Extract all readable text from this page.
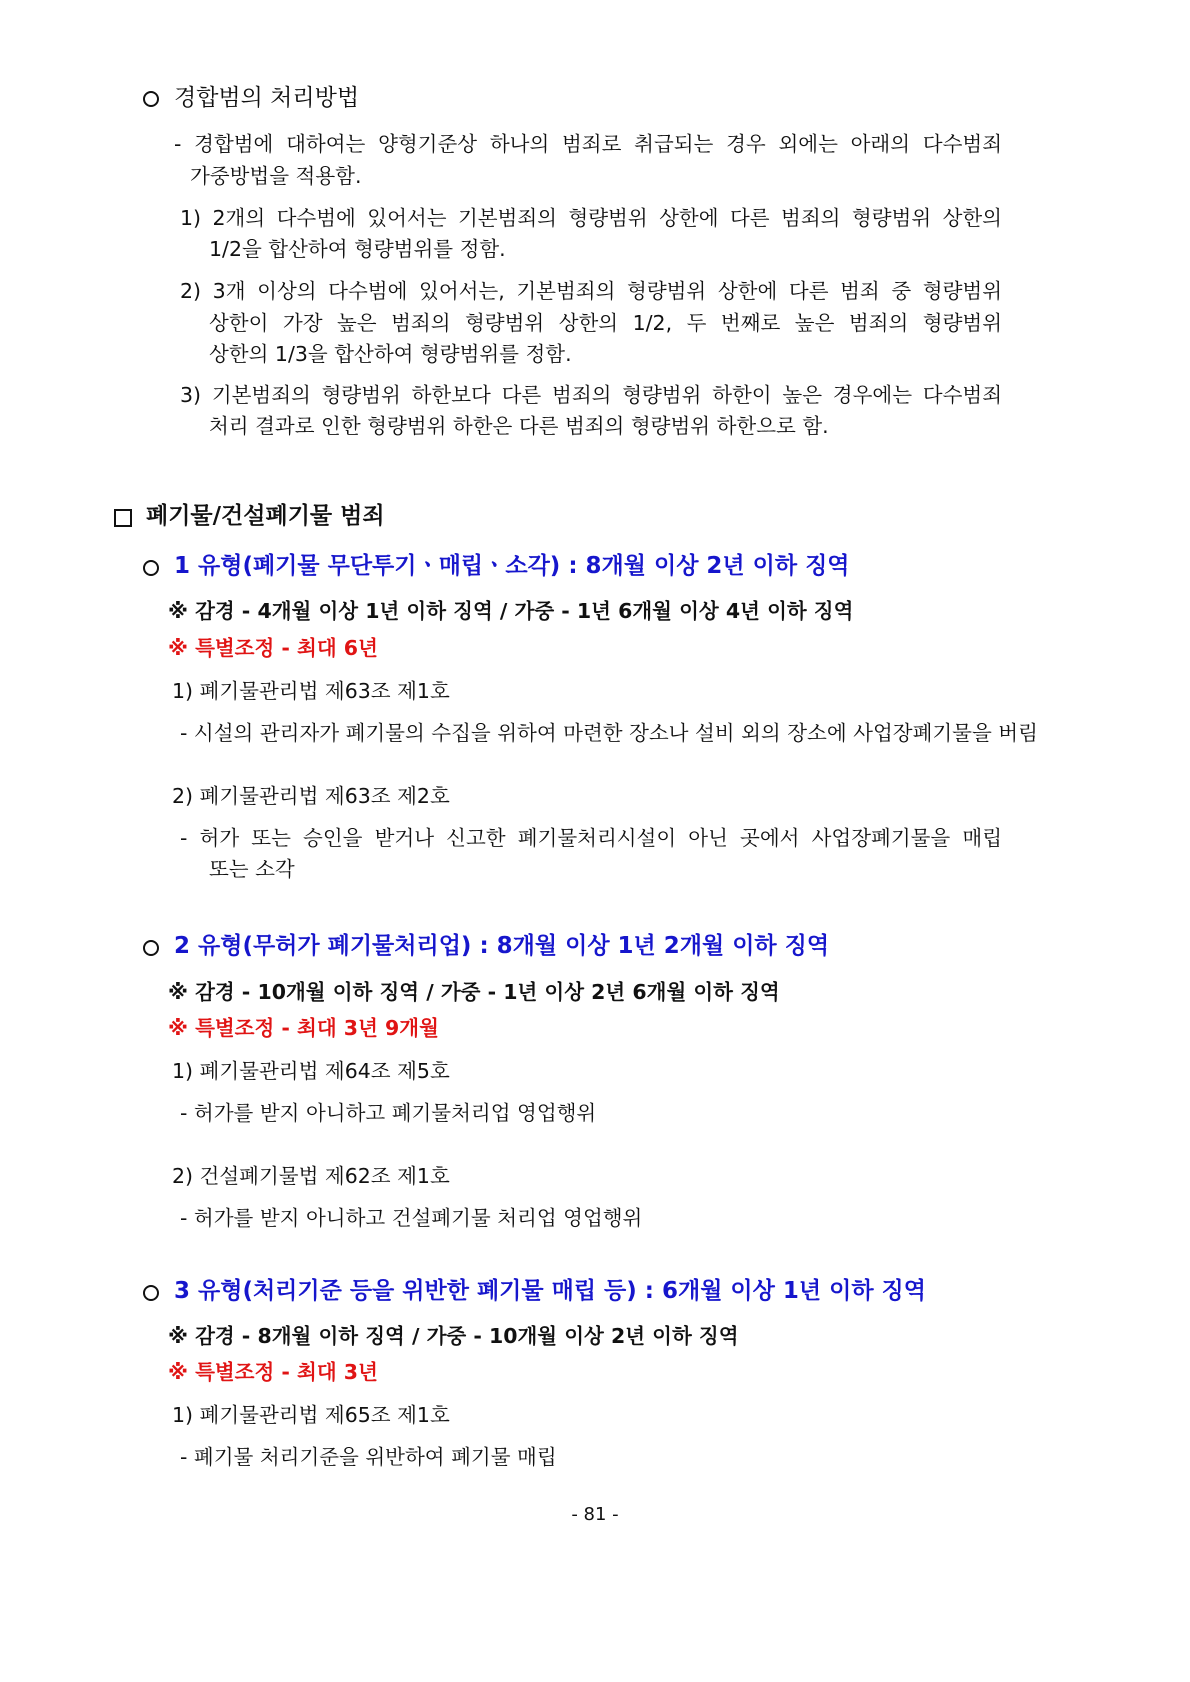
경합범의 처리방법
- 경합범에 대하여는 양형기준상 하나의 범죄로 취급되는 경우 외에는 아래의 다수범죄
가중방법을 적용함.
1) 2개의 다수범에 있어서는 기본범죄의 형량범위 상한에 다른 범죄의 형량범위 상한의
1/2을 합산하여 형량범위를 정함.
2) 3개 이상의 다수범에 있어서는, 기본범죄의 형량범위 상한에 다른 범죄 중 형량범위
상한이 가장 높은 범죄의 형량범위 상한의 1/2, 두 번째로 높은 범죄의 형량범위
상한의 1/3을 합산하여 형량범위를 정함.
3) 기본범죄의 형량범위 하한보다 다른 범죄의 형량범위 하한이 높은 경우에는 다수범죄
처리 결과로 인한 형량범위 하한은 다른 범죄의 형량범위 하한으로 함.
폐기물/건설폐기물 범죄
1 유형(폐기물 무단투기ㆍ매립ㆍ소각) : 8개월 이상 2년 이하 징역
※ 감경 - 4개월 이상 1년 이하 징역 / 가중 - 1년 6개월 이상 4년 이하 징역
※ 특별조정 - 최대 6년
1) 폐기물관리법 제63조 제1호
- 시설의 관리자가 폐기물의 수집을 위하여 마련한 장소나 설비 외의 장소에 사업장폐기물을 버림
2) 폐기물관리법 제63조 제2호
- 허가 또는 승인을 받거나 신고한 폐기물처리시설이 아닌 곳에서 사업장폐기물을 매립
또는 소각
2 유형(무허가 폐기물처리업) : 8개월 이상 1년 2개월 이하 징역
※ 감경 - 10개월 이하 징역 / 가중 - 1년 이상 2년 6개월 이하 징역
※ 특별조정 - 최대 3년 9개월
1) 폐기물관리법 제64조 제5호
- 허가를 받지 아니하고 폐기물처리업 영업행위
2) 건설폐기물법 제62조 제1호
- 허가를 받지 아니하고 건설폐기물 처리업 영업행위
3 유형(처리기준 등을 위반한 폐기물 매립 등) : 6개월 이상 1년 이하 징역
※ 감경 - 8개월 이하 징역 / 가중 - 10개월 이상 2년 이하 징역
※ 특별조정 - 최대 3년
1) 폐기물관리법 제65조 제1호
- 폐기물 처리기준을 위반하여 폐기물 매립
- 81 -
